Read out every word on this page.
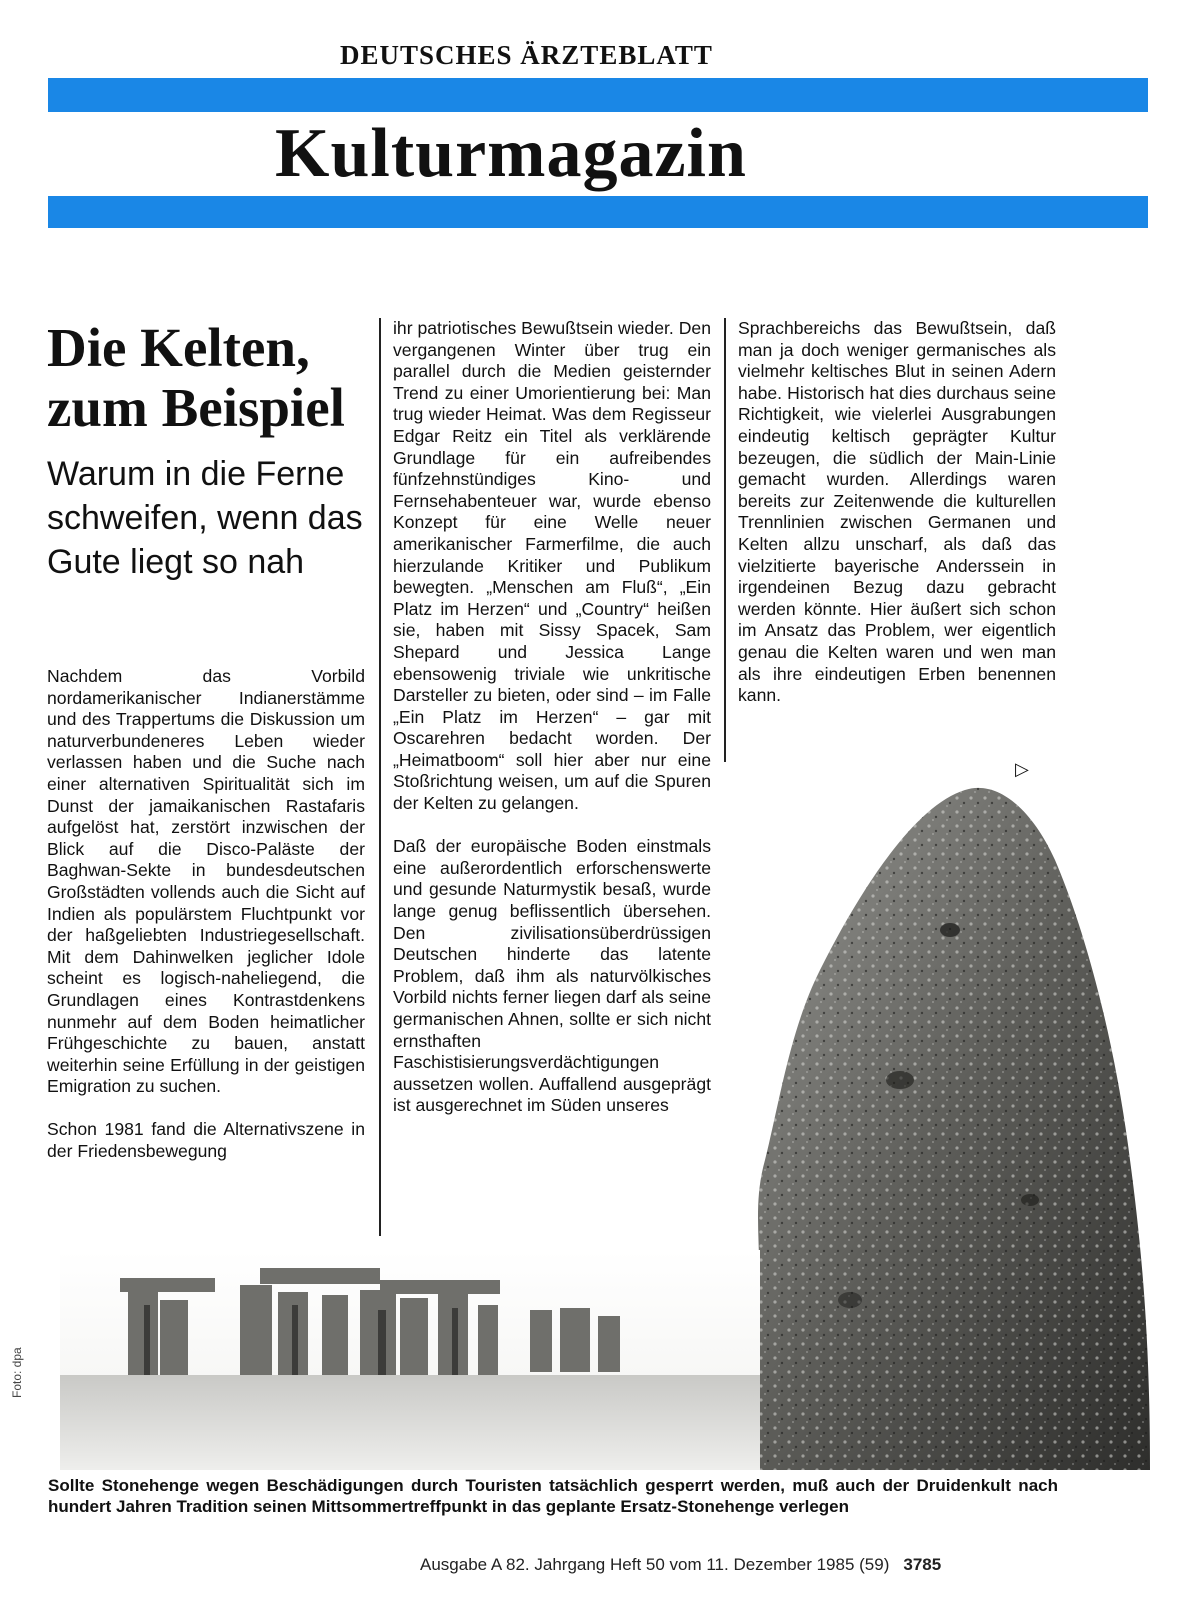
DEUTSCHES ÄRZTEBLATT
Kulturmagazin
Die Kelten,
zum Beispiel

Warum in die Ferne schweifen, wenn das Gute liegt so nah

Nachdem das Vorbild nordamerikanischer Indianerstämme und des Trappertums die Diskussion um naturverbundeneres Leben wieder verlassen haben und die Suche nach einer alternativen Spiritualität sich im Dunst der jamaikanischen Rastafaris aufgelöst hat, zerstört inzwischen der Blick auf die Disco-Paläste der Baghwan-Sekte in bundesdeutschen Großstädten vollends auch die Sicht auf Indien als populärstem Fluchtpunkt vor der haßgeliebten Industriegesellschaft. Mit dem Dahinwelken jeglicher Idole scheint es logisch-naheliegend, die Grundlagen eines Kontrastdenkens nunmehr auf dem Boden heimatlicher Frühgeschichte zu bauen, anstatt weiterhin seine Erfüllung in der geistigen Emigration zu suchen.

Schon 1981 fand die Alternativszene in der Friedensbewegung

ihr patriotisches Bewußtsein wieder. Den vergangenen Winter über trug ein parallel durch die Medien geisternder Trend zu einer Umorientierung bei: Man trug wieder Heimat. Was dem Regisseur Edgar Reitz ein Titel als verklärende Grundlage für ein aufreibendes fünfzehnstündiges Kino- und Fernsehabenteuer war, wurde ebenso Konzept für eine Welle neuer amerikanischer Farmerfilme, die auch hierzulande Kritiker und Publikum bewegten. „Menschen am Fluß“, „Ein Platz im Herzen“ und „Country“ heißen sie, haben mit Sissy Spacek, Sam Shepard und Jessica Lange ebensowenig triviale wie unkritische Darsteller zu bieten, oder sind – im Falle „Ein Platz im Herzen“ – gar mit Oscarehren bedacht worden. Der „Heimatboom“ soll hier aber nur eine Stoßrichtung weisen, um auf die Spuren der Kelten zu gelangen.

Daß der europäische Boden einstmals eine außerordentlich erforschenswerte und gesunde Naturmystik besaß, wurde lange genug beflissentlich übersehen. Den zivilisationsüberdrüssigen Deutschen hinderte das latente Problem, daß ihm als naturvölkisches Vorbild nichts ferner liegen darf als seine germanischen Ahnen, sollte er sich nicht ernsthaften Faschistisierungsverdächtigungen aussetzen wollen. Auffallend ausgeprägt ist ausgerechnet im Süden unseres

Sprachbereichs das Bewußtsein, daß man ja doch weniger germanisches als vielmehr keltisches Blut in seinen Adern habe. Historisch hat dies durchaus seine Richtigkeit, wie vielerlei Ausgrabungen eindeutig keltisch geprägter Kultur bezeugen, die südlich der Main-Linie gemacht wurden. Allerdings waren bereits zur Zeitenwende die kulturellen Trennlinien zwischen Germanen und Kelten allzu unscharf, als daß das vielzitierte bayerische Anderssein in irgendeinen Bezug dazu gebracht werden könnte. Hier äußert sich schon im Ansatz das Problem, wer eigentlich genau die Kelten waren und wen man als ihre eindeutigen Erben benennen kann.

▷
Foto: dpa

Sollte Stonehenge wegen Beschädigungen durch Touristen tatsächlich gesperrt werden, muß auch der Druidenkult nach hundert Jahren Tradition seinen Mittsommertreffpunkt in das geplante Ersatz-Stonehenge verlegen

Ausgabe A 82. Jahrgang Heft 50 vom 11. Dezember 1985 (59) 3785
